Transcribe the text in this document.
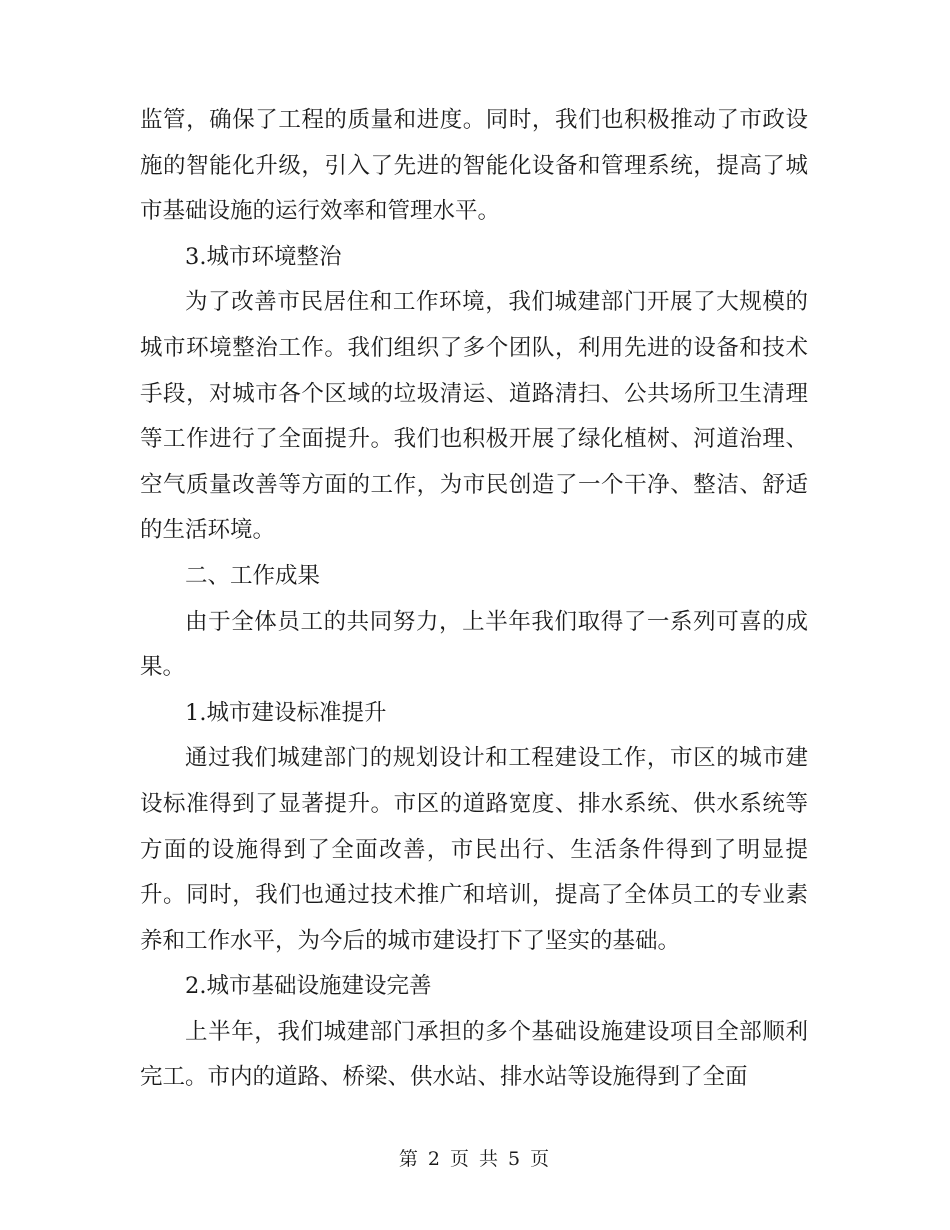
监管，确保了工程的质量和进度。同时，我们也积极推动了市政设施的智能化升级，引入了先进的智能化设备和管理系统，提高了城市基础设施的运行效率和管理水平。

3.城市环境整治

为了改善市民居住和工作环境，我们城建部门开展了大规模的城市环境整治工作。我们组织了多个团队，利用先进的设备和技术手段，对城市各个区域的垃圾清运、道路清扫、公共场所卫生清理等工作进行了全面提升。我们也积极开展了绿化植树、河道治理、空气质量改善等方面的工作，为市民创造了一个干净、整洁、舒适的生活环境。

二、工作成果

由于全体员工的共同努力，上半年我们取得了一系列可喜的成果。

1.城市建设标准提升

通过我们城建部门的规划设计和工程建设工作，市区的城市建设标准得到了显著提升。市区的道路宽度、排水系统、供水系统等方面的设施得到了全面改善，市民出行、生活条件得到了明显提升。同时，我们也通过技术推广和培训，提高了全体员工的专业素养和工作水平，为今后的城市建设打下了坚实的基础。

2.城市基础设施建设完善

上半年，我们城建部门承担的多个基础设施建设项目全部顺利完工。市内的道路、桥梁、供水站、排水站等设施得到了全面

第 2 页 共 5 页
